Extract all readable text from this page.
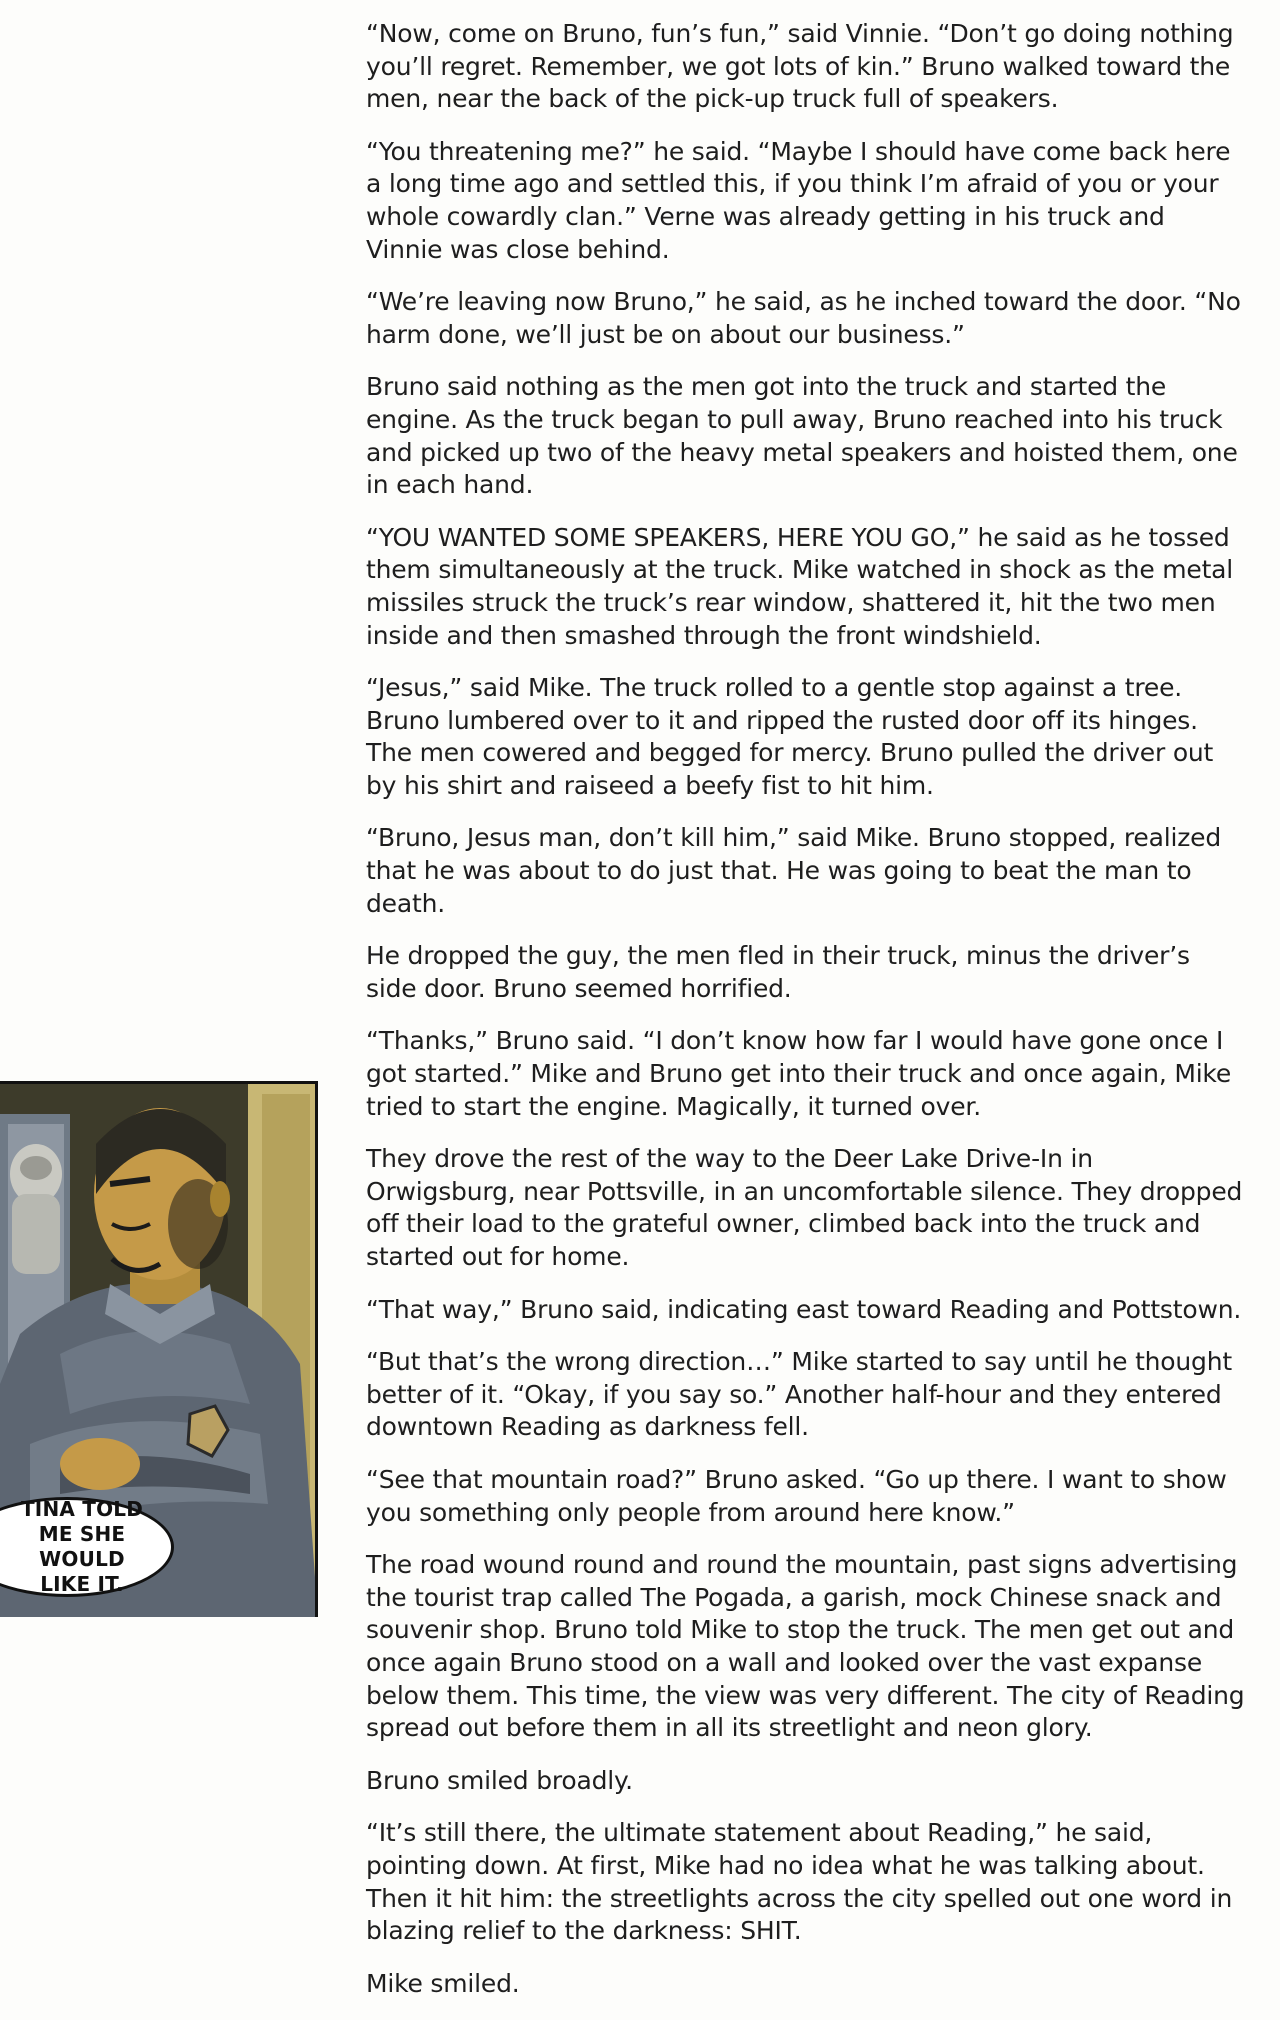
TINA TOLD ME SHE WOULD LIKE IT.

“Now, come on Bruno, fun’s fun,” said Vinnie. “Don’t go doing nothing you’ll regret. Remember, we got lots of kin.” Bruno walked toward the men, near the back of the pick-up truck full of speakers.

“You threatening me?” he said. “Maybe I should have come back here a long time ago and settled this, if you think I’m afraid of you or your whole cowardly clan.” Verne was already getting in his truck and Vinnie was close behind.

“We’re leaving now Bruno,” he said, as he inched toward the door. “No harm done, we’ll just be on about our business.”

Bruno said nothing as the men got into the truck and started the engine. As the truck began to pull away, Bruno reached into his truck and picked up two of the heavy metal speakers and hoisted them, one in each hand.

“YOU WANTED SOME SPEAKERS, HERE YOU GO,” he said as he tossed them simultaneously at the truck. Mike watched in shock as the metal missiles struck the truck’s rear window, shattered it, hit the two men inside and then smashed through the front windshield.

“Jesus,” said Mike. The truck rolled to a gentle stop against a tree. Bruno lumbered over to it and ripped the rusted door off its hinges. The men cowered and begged for mercy. Bruno pulled the driver out by his shirt and raiseed a beefy fist to hit him.

“Bruno, Jesus man, don’t kill him,” said Mike. Bruno stopped, realized that he was about to do just that. He was going to beat the man to death.

He dropped the guy, the men fled in their truck, minus the driver’s side door. Bruno seemed horrified.

“Thanks,” Bruno said. “I don’t know how far I would have gone once I got started.” Mike and Bruno get into their truck and once again, Mike tried to start the engine. Magically, it turned over.

They drove the rest of the way to the Deer Lake Drive-In in Orwigsburg, near Pottsville, in an uncomfortable silence. They dropped off their load to the grateful owner, climbed back into the truck and started out for home.

“That way,” Bruno said, indicating east toward Reading and Pottstown.

“But that’s the wrong direction…” Mike started to say until he thought better of it. “Okay, if you say so.” Another half-hour and they entered downtown Reading as darkness fell.

“See that mountain road?” Bruno asked. “Go up there. I want to show you something only people from around here know.”

The road wound round and round the mountain, past signs advertising the tourist trap called The Pogada, a garish, mock Chinese snack and souvenir shop. Bruno told Mike to stop the truck. The men get out and once again Bruno stood on a wall and looked over the vast expanse below them. This time, the view was very different. The city of Reading spread out before them in all its streetlight and neon glory.

Bruno smiled broadly.

“It’s still there, the ultimate statement about Reading,” he said, pointing down. At first, Mike had no idea what he was talking about. Then it hit him: the streetlights across the city spelled out one word in blazing relief to the darkness: SHIT.

Mike smiled.
